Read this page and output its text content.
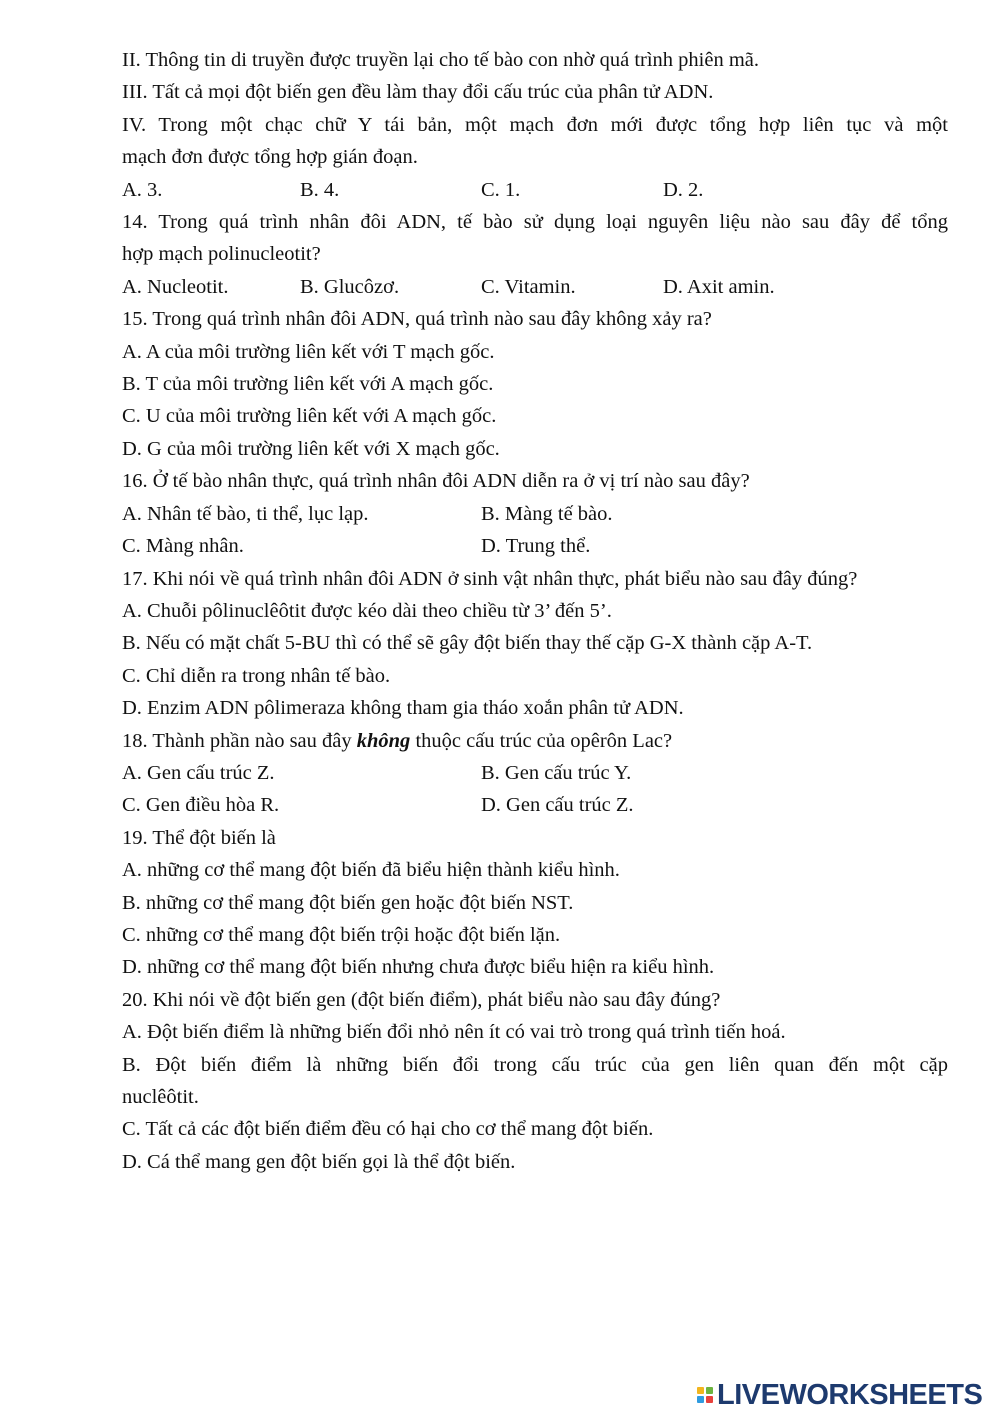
II. Thông tin di truyền được truyền lại cho tế bào con nhờ quá trình phiên mã.
III. Tất cả mọi đột biến gen đều làm thay đổi cấu trúc của phân tử ADN.
IV. Trong một chạc chữ Y tái bản, một mạch đơn mới được tổng hợp liên tục và một
mạch đơn được tổng hợp gián đoạn.
A. 3.	B. 4.	C. 1.	D. 2.
14. Trong quá trình nhân đôi ADN, tế bào sử dụng loại nguyên liệu nào sau đây để tổng
hợp mạch polinucleotit?
A. Nucleotit.	B. Glucôzơ.	C. Vitamin.	D. Axit amin.
15. Trong quá trình nhân đôi ADN, quá trình nào sau đây không xảy ra?
A. A của môi trường liên kết với T mạch gốc.
B. T của môi trường liên kết với A mạch gốc.
C. U của môi trường liên kết với A mạch gốc.
D. G của môi trường liên kết với X mạch gốc.
16. Ở tế bào nhân thực, quá trình nhân đôi ADN diễn ra ở vị trí nào sau đây?
A. Nhân tế bào, ti thể, lục lạp.	B. Màng tế bào.
C. Màng nhân.	D. Trung thể.
17. Khi nói về quá trình nhân đôi ADN ở sinh vật nhân thực, phát biểu nào sau đây đúng?
A. Chuỗi pôlinuclêôtit được kéo dài theo chiều từ 3’ đến 5’.
B. Nếu có mặt chất 5-BU thì có thể sẽ gây đột biến thay thế cặp G-X thành cặp A-T.
C. Chỉ diễn ra trong nhân tế bào.
D. Enzim ADN pôlimeraza không tham gia tháo xoắn phân tử ADN.
18. Thành phần nào sau đây không thuộc cấu trúc của opêrôn Lac?
A. Gen cấu trúc Z.	B. Gen cấu trúc Y.
C. Gen điều hòa R.	D. Gen cấu trúc Z.
19. Thể đột biến là
A. những cơ thể mang đột biến đã biểu hiện thành kiểu hình.
B. những cơ thể mang đột biến gen hoặc đột biến NST.
C. những cơ thể mang đột biến trội hoặc đột biến lặn.
D. những cơ thể mang đột biến nhưng chưa được biểu hiện ra kiểu hình.
20. Khi nói về đột biến gen (đột biến điểm), phát biểu nào sau đây đúng?
A. Đột biến điểm là những biến đổi nhỏ nên ít có vai trò trong quá trình tiến hoá.
B. Đột biến điểm là những biến đổi trong cấu trúc của gen liên quan đến một cặp
nuclêôtit.
C. Tất cả các đột biến điểm đều có hại cho cơ thể mang đột biến.
D. Cá thể mang gen đột biến gọi là thể đột biến.
LIVEWORKSHEETS
